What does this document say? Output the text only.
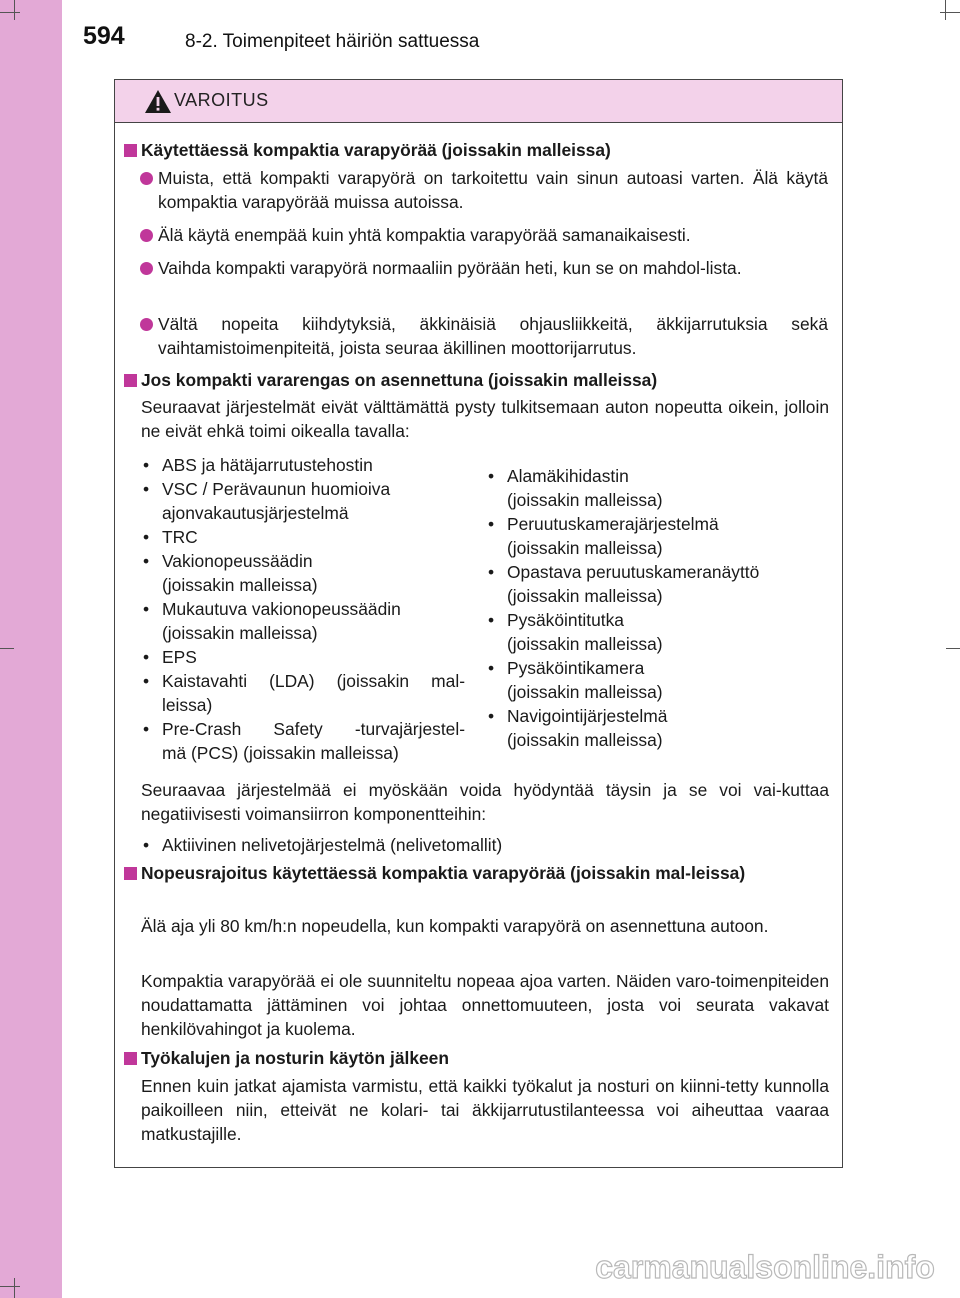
594	8-2. Toimenpiteet häiriön sattuessa
VAROITUS
Käytettäessä kompaktia varapyörää (joissakin malleissa)
Muista, että kompakti varapyörä on tarkoitettu vain sinun autoasi varten. Älä käytä kompaktia varapyörää muissa autoissa.
Älä käytä enempää kuin yhtä kompaktia varapyörää samanaikaisesti.
Vaihda kompakti varapyörä normaaliin pyörään heti, kun se on mahdol-lista.
Vältä nopeita kiihdytyksiä, äkkinäisiä ohjausliikkeitä, äkkijarrutuksia sekä vaihtamistoimenpiteitä, joista seuraa äkillinen moottorijarrutus.
Jos kompakti vararengas on asennettuna (joissakin malleissa)
Seuraavat järjestelmät eivät välttämättä pysty tulkitsemaan auton nopeutta oikein, jolloin ne eivät ehkä toimi oikealla tavalla:
• ABS ja hätäjarrutustehostin
• VSC / Perävaunun huomioiva
ajonvakautusjärjestelmä
• TRC
• Vakionopeussäädin
(joissakin malleissa)
• Mukautuva vakionopeussäädin
(joissakin malleissa)
• EPS
• Kaistavahti (LDA) (joissakin mal-
leissa)
• Pre-Crash Safety -turvajärjestel-
mä (PCS) (joissakin malleissa)
• Alamäkihidastin
(joissakin malleissa)
• Peruutuskamerajärjestelmä
(joissakin malleissa)
• Opastava peruutuskameranäyttö
(joissakin malleissa)
• Pysäköintitutka
(joissakin malleissa)
• Pysäköintikamera
(joissakin malleissa)
• Navigointijärjestelmä
(joissakin malleissa)
Seuraavaa järjestelmää ei myöskään voida hyödyntää täysin ja se voi vai-kuttaa negatiivisesti voimansiirron komponentteihin:
• Aktiivinen nelivetojärjestelmä (nelivetomallit)
Nopeusrajoitus käytettäessä kompaktia varapyörää (joissakin mal-leissa)
Älä aja yli 80 km/h:n nopeudella, kun kompakti varapyörä on asennettuna autoon.
Kompaktia varapyörää ei ole suunniteltu nopeaa ajoa varten. Näiden varo-toimenpiteiden noudattamatta jättäminen voi johtaa onnettomuuteen, josta voi seurata vakavat henkilövahingot ja kuolema.
Työkalujen ja nosturin käytön jälkeen
Ennen kuin jatkat ajamista varmistu, että kaikki työkalut ja nosturi on kiinni-tetty kunnolla paikoilleen niin, etteivät ne kolari- tai äkkijarrutustilanteessa voi aiheuttaa vaaraa matkustajille.
carmanualsonline.info
